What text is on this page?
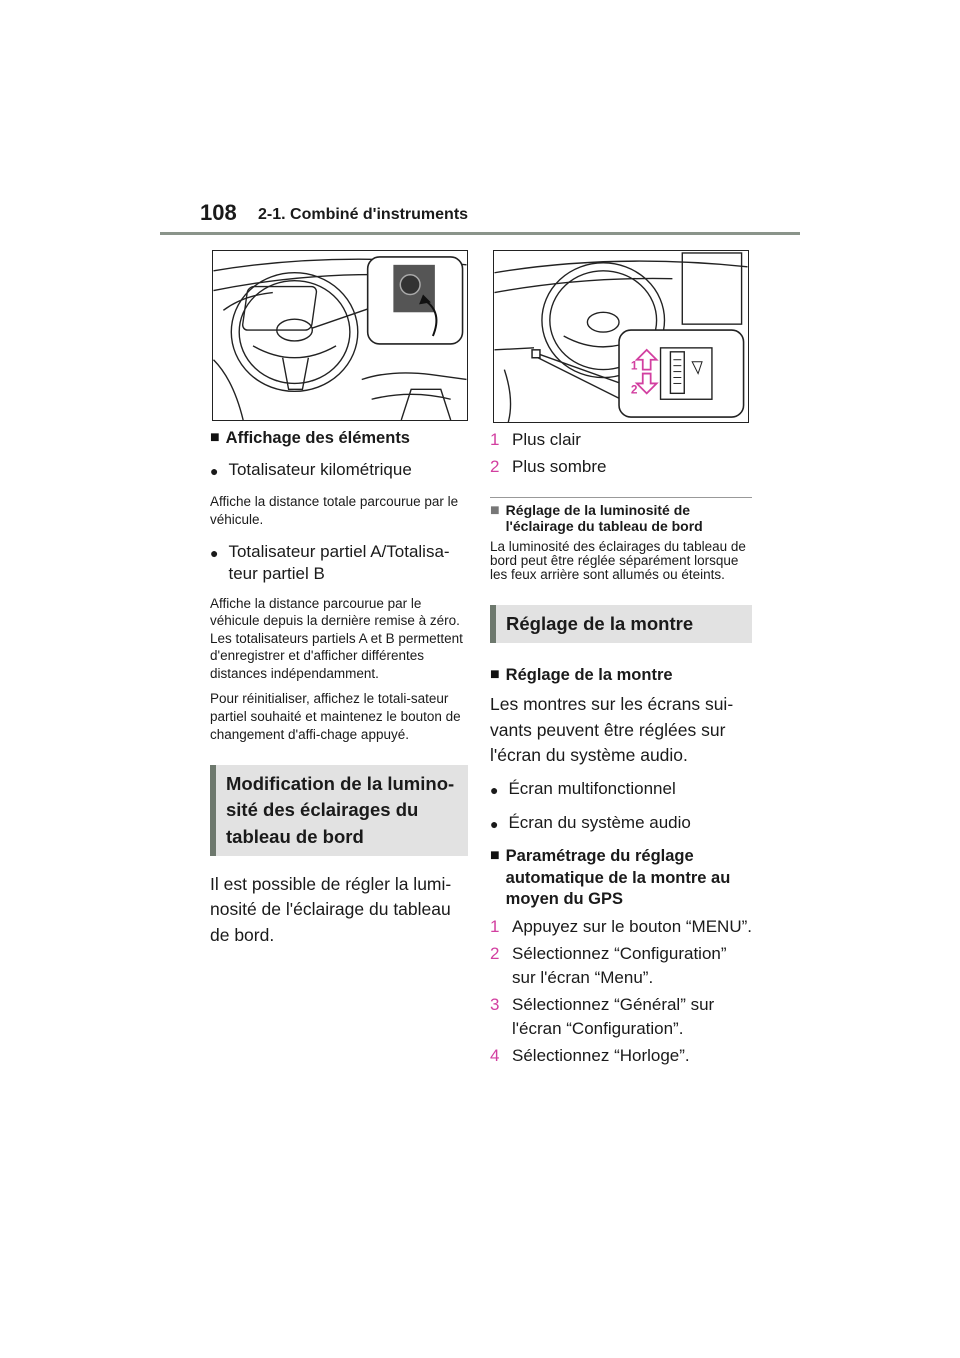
108 2-1. Combiné d'instruments
1
2
■ Affichage des éléments
● Totalisateur kilométrique
Affiche la distance totale parcourue par le véhicule.
● Totalisateur partiel A/Totalisa-teur partiel B
Affiche la distance parcourue par le véhicule depuis la dernière remise à zéro. Les totalisateurs partiels A et B permettent d'enregistrer et d'afficher différentes distances indépendamment.
Pour réinitialiser, affichez le totali-sateur partiel souhaité et maintenez le bouton de changement d'affi-chage appuyé.
Modification de la lumino-sité des éclairages du tableau de bord
Il est possible de régler la lumi-nosité de l'éclairage du tableau de bord.
1 Plus clair
2 Plus sombre
■ Réglage de la luminosité de l'éclairage du tableau de bord
La luminosité des éclairages du tableau de bord peut être réglée séparément lorsque les feux arrière sont allumés ou éteints.
Réglage de la montre
■ Réglage de la montre
Les montres sur les écrans sui-vants peuvent être réglées sur l'écran du système audio.
● Écran multifonctionnel
● Écran du système audio
■ Paramétrage du réglage automatique de la montre au moyen du GPS
1 Appuyez sur le bouton “MENU”.
2 Sélectionnez “Configuration” sur l'écran “Menu”.
3 Sélectionnez “Général” sur l'écran “Configuration”.
4 Sélectionnez “Horloge”.
